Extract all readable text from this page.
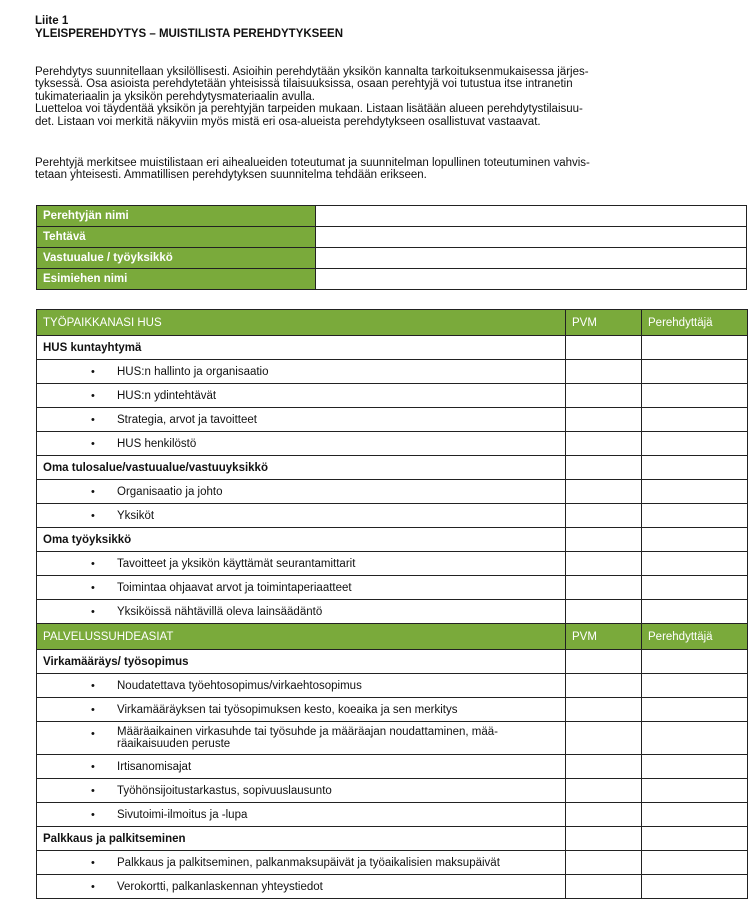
Liite 1
YLEISPEREHDYTYS – MUISTILISTA PEREHDYTYKSEEN
Perehdytys suunnitellaan yksilöllisesti. Asioihin perehdytään yksikön kannalta tarkoituksenmukaisessa järjes-
tyksessä. Osa asioista perehdytetään yhteisissä tilaisuuksissa, osaan perehtyjä voi tutustua itse intranetin
tukimateriaalin ja yksikön perehdytysmateriaalin avulla.
Luetteloa voi täydentää yksikön ja perehtyjän tarpeiden mukaan. Listaan lisätään alueen perehdytystilaisuu-
det. Listaan voi merkitä näkyviin myös mistä eri osa-alueista perehdytykseen osallistuvat vastaavat.
Perehtyjä merkitsee muistilistaan eri aihealueiden toteutumat ja suunnitelman lopullinen toteutuminen vahvis-
tetaan yhteisesti. Ammatillisen perehdytyksen suunnitelma tehdään erikseen.
Perehtyjän nimi	
Tehtävä	
Vastuualue / työyksikkö	
Esimiehen nimi	
TYÖPAIKKANASI HUS	PVM	Perehdyttäjä
HUS kuntayhtymä		

• HUS:n hallinto ja organisaatio		

• HUS:n ydintehtävät		

• Strategia, arvot ja tavoitteet		

• HUS henkilöstö		

Oma tulosalue/vastuualue/vastuuyksikkö		

• Organisaatio ja johto		

• Yksiköt		

Oma työyksikkö		

• Tavoitteet ja yksikön käyttämät seurantamittarit		

• Toimintaa ohjaavat arvot ja toimintaperiaatteet		

• Yksiköissä nähtävillä oleva lainsäädäntö		

PALVELUSSUHDEASIAT	PVM	Perehdyttäjä
Virkamääräys/ työsopimus		

• Noudatettava työehtosopimus/virkaehtosopimus		

• Virkamääräyksen tai työsopimuksen kesto, koeaika ja sen merkitys		

• Määräaikainen virkasuhde tai työsuhde ja määräajan noudattaminen, mää-
räaikaisuuden peruste		

• Irtisanomisajat		

• Työhönsijoitustarkastus, sopivuuslausunto		

• Sivutoimi-ilmoitus ja -lupa		

Palkkaus ja palkitseminen		

• Palkkaus ja palkitseminen, palkanmaksupäivät ja työaikalisien maksupäivät		

• Verokortti, palkanlaskennan yhteystiedot		
